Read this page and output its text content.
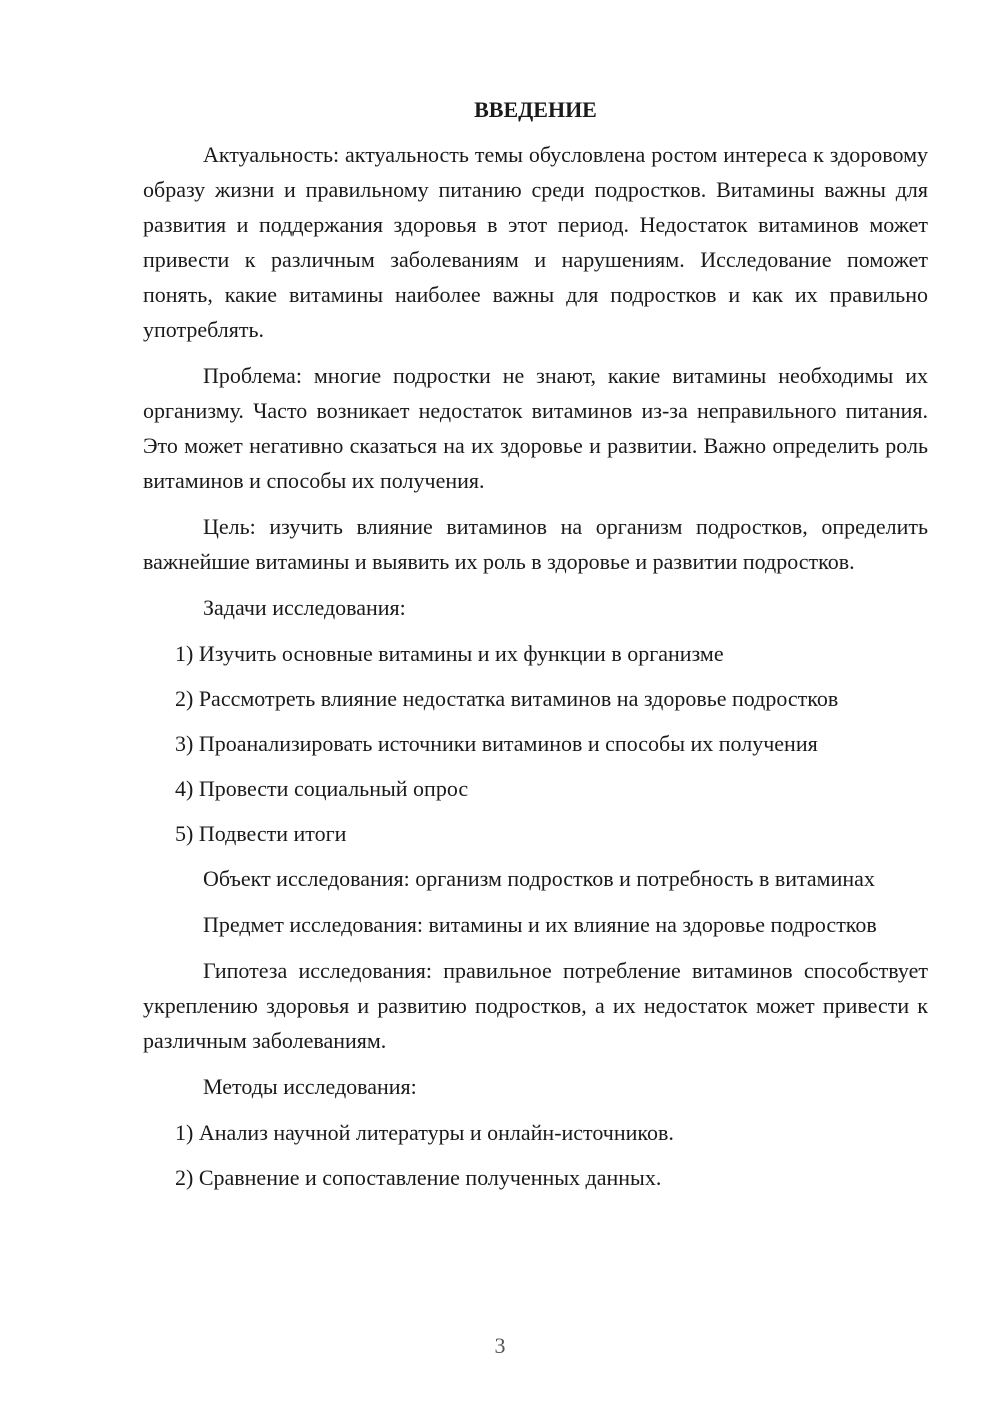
ВВЕДЕНИЕ

Актуальность: актуальность темы обусловлена ростом интереса к здоровому образу жизни и правильному питанию среди подростков. Витамины важны для развития и поддержания здоровья в этот период. Недостаток витаминов может привести к различным заболеваниям и нарушениям. Исследование поможет понять, какие витамины наиболее важны для подростков и как их правильно употреблять.

Проблема: многие подростки не знают, какие витамины необходимы их организму. Часто возникает недостаток витаминов из-за неправильного питания. Это может негативно сказаться на их здоровье и развитии. Важно определить роль витаминов и способы их получения.

Цель: изучить влияние витаминов на организм подростков, определить важнейшие витамины и выявить их роль в здоровье и развитии подростков.

Задачи исследования:

1) Изучить основные витамины и их функции в организме
2) Рассмотреть влияние недостатка витаминов на здоровье подростков
3) Проанализировать источники витаминов и способы их получения
4) Провести социальный опрос
5) Подвести итоги

Объект исследования: организм подростков и потребность в витаминах

Предмет исследования: витамины и их влияние на здоровье подростков

Гипотеза исследования: правильное потребление витаминов способствует укреплению здоровья и развитию подростков, а их недостаток может привести к различным заболеваниям.

Методы исследования:

1) Анализ научной литературы и онлайн-источников.
2) Сравнение и сопоставление полученных данных.
3
